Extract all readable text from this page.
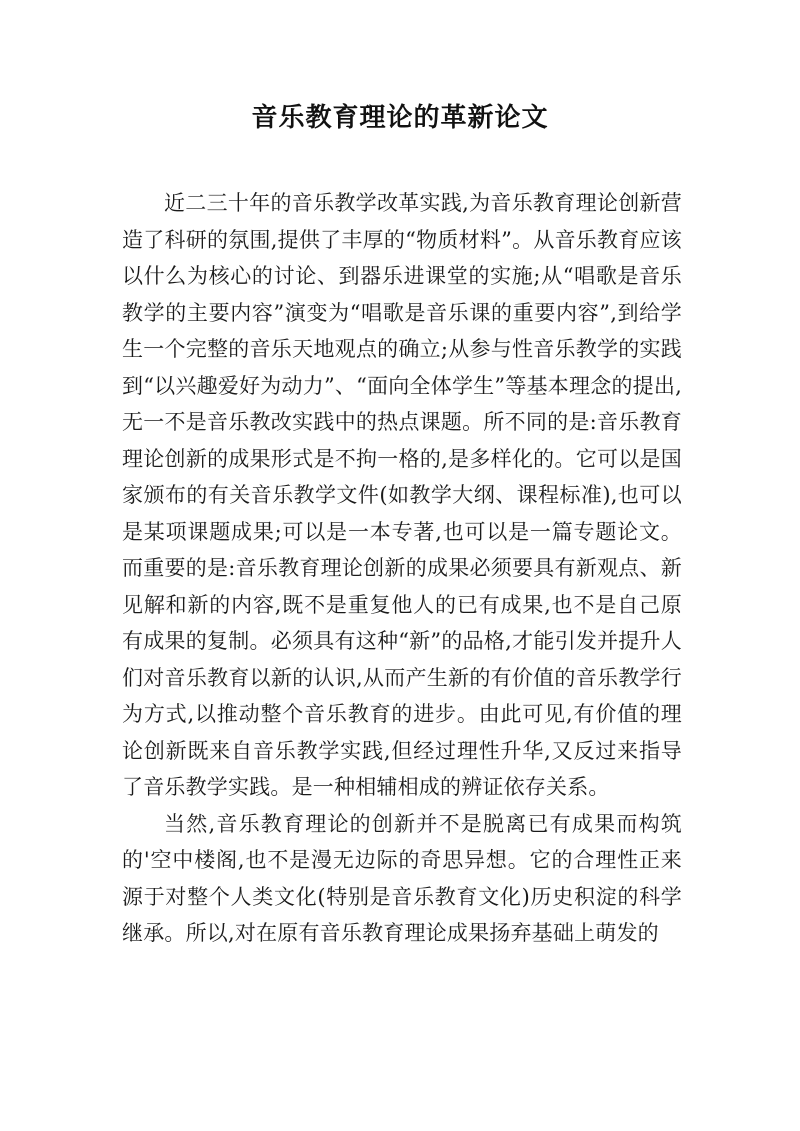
音乐教育理论的革新论文

近二三十年的音乐教学改革实践,为音乐教育理论创新营造了科研的氛围,提供了丰厚的“物质材料”。从音乐教育应该以什么为核心的讨论、到器乐进课堂的实施;从“唱歌是音乐教学的主要内容”演变为“唱歌是音乐课的重要内容”,到给学生一个完整的音乐天地观点的确立;从参与性音乐教学的实践到“以兴趣爱好为动力”、“面向全体学生”等基本理念的提出,无一不是音乐教改实践中的热点课题。所不同的是:音乐教育理论创新的成果形式是不拘一格的,是多样化的。它可以是国家颁布的有关音乐教学文件(如教学大纲、课程标准),也可以是某项课题成果;可以是一本专著,也可以是一篇专题论文。而重要的是:音乐教育理论创新的成果必须要具有新观点、新见解和新的内容,既不是重复他人的已有成果,也不是自己原有成果的复制。必须具有这种“新”的品格,才能引发并提升人们对音乐教育以新的认识,从而产生新的有价值的音乐教学行为方式,以推动整个音乐教育的进步。由此可见,有价值的理论创新既来自音乐教学实践,但经过理性升华,又反过来指导了音乐教学实践。是一种相辅相成的辨证依存关系。

当然,音乐教育理论的创新并不是脱离已有成果而构筑的'空中楼阁,也不是漫无边际的奇思异想。它的合理性正来源于对整个人类文化(特别是音乐教育文化)历史积淀的科学继承。所以,对在原有音乐教育理论成果扬弃基础上萌发的
